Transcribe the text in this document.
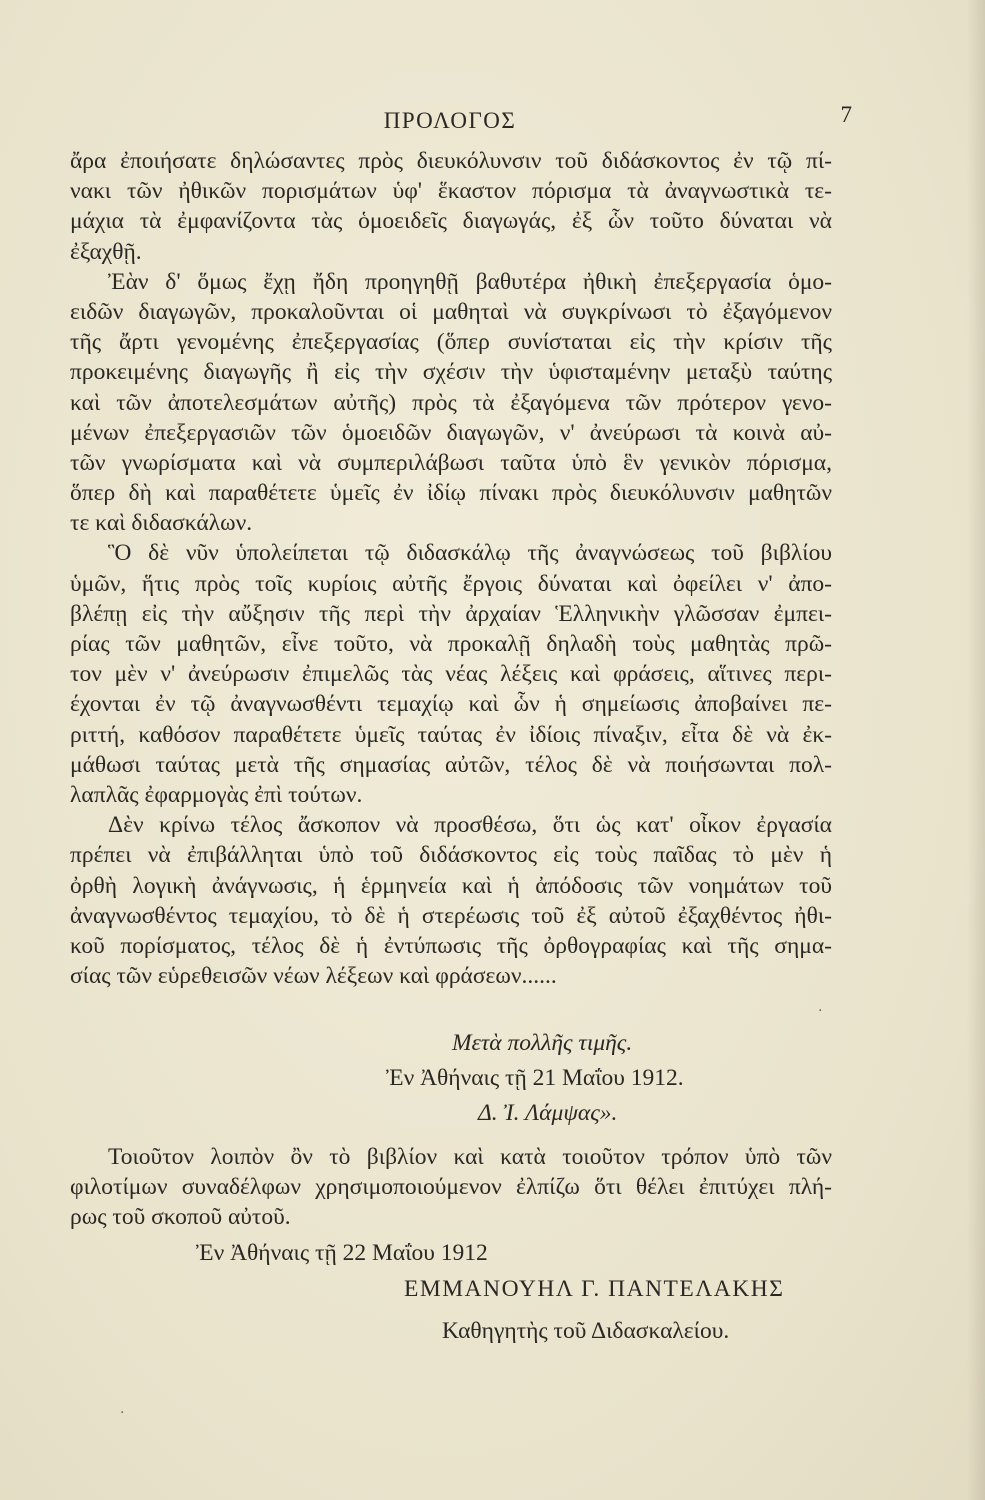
ΠΡΟΛΟΓΟΣ	7
ἄρα ἐποιήσατε δηλώσαντες πρὸς διευκόλυνσιν τοῦ διδάσκοντος ἐν τῷ πί-
νακι τῶν ἠθικῶν πορισμάτων ὑφ' ἕκαστον πόρισμα τὰ ἀναγνωστικὰ τε-
μάχια τὰ ἐμφανίζοντα τὰς ὁμοειδεῖς διαγωγάς, ἐξ ὧν τοῦτο δύναται νὰ
ἐξαχθῇ.
Ἐὰν δ' ὅμως ἔχῃ ἤδη προηγηθῇ βαθυτέρα ἠθικὴ ἐπεξεργασία ὁμο-
ειδῶν διαγωγῶν, προκαλοῦνται οἱ μαθηταὶ νὰ συγκρίνωσι τὸ ἐξαγόμενον
τῆς ἄρτι γενομένης ἐπεξεργασίας (ὅπερ συνίσταται εἰς τὴν κρίσιν τῆς
προκειμένης διαγωγῆς ἢ εἰς τὴν σχέσιν τὴν ὑφισταμένην μεταξὺ ταύτης
καὶ τῶν ἀποτελεσμάτων αὐτῆς) πρὸς τὰ ἐξαγόμενα τῶν πρότερον γενο-
μένων ἐπεξεργασιῶν τῶν ὁμοειδῶν διαγωγῶν, ν' ἀνεύρωσι τὰ κοινὰ αὐ-
τῶν γνωρίσματα καὶ νὰ συμπεριλάβωσι ταῦτα ὑπὸ ἓν γενικὸν πόρισμα,
ὅπερ δὴ καὶ παραθέτετε ὑμεῖς ἐν ἰδίῳ πίνακι πρὸς διευκόλυνσιν μαθητῶν
τε καὶ διδασκάλων.
Ὃ δὲ νῦν ὑπολείπεται τῷ διδασκάλῳ τῆς ἀναγνώσεως τοῦ βιβλίου
ὑμῶν, ἥτις πρὸς τοῖς κυρίοις αὐτῆς ἔργοις δύναται καὶ ὀφείλει ν' ἀπο-
βλέπῃ εἰς τὴν αὔξησιν τῆς περὶ τὴν ἀρχαίαν Ἑλληνικὴν γλῶσσαν ἐμπει-
ρίας τῶν μαθητῶν, εἶνε τοῦτο, νὰ προκαλῇ δηλαδὴ τοὺς μαθητὰς πρῶ-
τον μὲν ν' ἀνεύρωσιν ἐπιμελῶς τὰς νέας λέξεις καὶ φράσεις, αἵτινες περι-
έχονται ἐν τῷ ἀναγνωσθέντι τεμαχίῳ καὶ ὧν ἡ σημείωσις ἀποβαίνει πε-
ριττή, καθόσον παραθέτετε ὑμεῖς ταύτας ἐν ἰδίοις πίναξιν, εἶτα δὲ νὰ ἐκ-
μάθωσι ταύτας μετὰ τῆς σημασίας αὐτῶν, τέλος δὲ νὰ ποιήσωνται πολ-
λαπλᾶς ἐφαρμογὰς ἐπὶ τούτων.
Δὲν κρίνω τέλος ἄσκοπον νὰ προσθέσω, ὅτι ὡς κατ' οἶκον ἐργασία
πρέπει νὰ ἐπιβάλληται ὑπὸ τοῦ διδάσκοντος εἰς τοὺς παῖδας τὸ μὲν ἡ
ὀρθὴ λογικὴ ἀνάγνωσις, ἡ ἑρμηνεία καὶ ἡ ἀπόδοσις τῶν νοημάτων τοῦ
ἀναγνωσθέντος τεμαχίου, τὸ δὲ ἡ στερέωσις τοῦ ἐξ αὐτοῦ ἐξαχθέντος ἠθι-
κοῦ πορίσματος, τέλος δὲ ἡ ἐντύπωσις τῆς ὀρθογραφίας καὶ τῆς σημα-
σίας τῶν εὑρεθεισῶν νέων λέξεων καὶ φράσεων......
Μετὰ πολλῆς τιμῆς.
Ἐν Ἀθήναις τῇ 21 Μαΐου 1912.
Δ. Ἰ. Λάμψας».
Τοιοῦτον λοιπὸν ὂν τὸ βιβλίον καὶ κατὰ τοιοῦτον τρόπον ὑπὸ τῶν
φιλοτίμων συναδέλφων χρησιμοποιούμενον ἐλπίζω ὅτι θέλει ἐπιτύχει πλή-
ρως τοῦ σκοποῦ αὐτοῦ.
Ἐν Ἀθήναις τῇ 22 Μαΐου 1912
ΕΜΜΑΝΟΥΗΛ Γ. ΠΑΝΤΕΛΑΚΗΣ
Καθηγητὴς τοῦ Διδασκαλείου.
·
·
